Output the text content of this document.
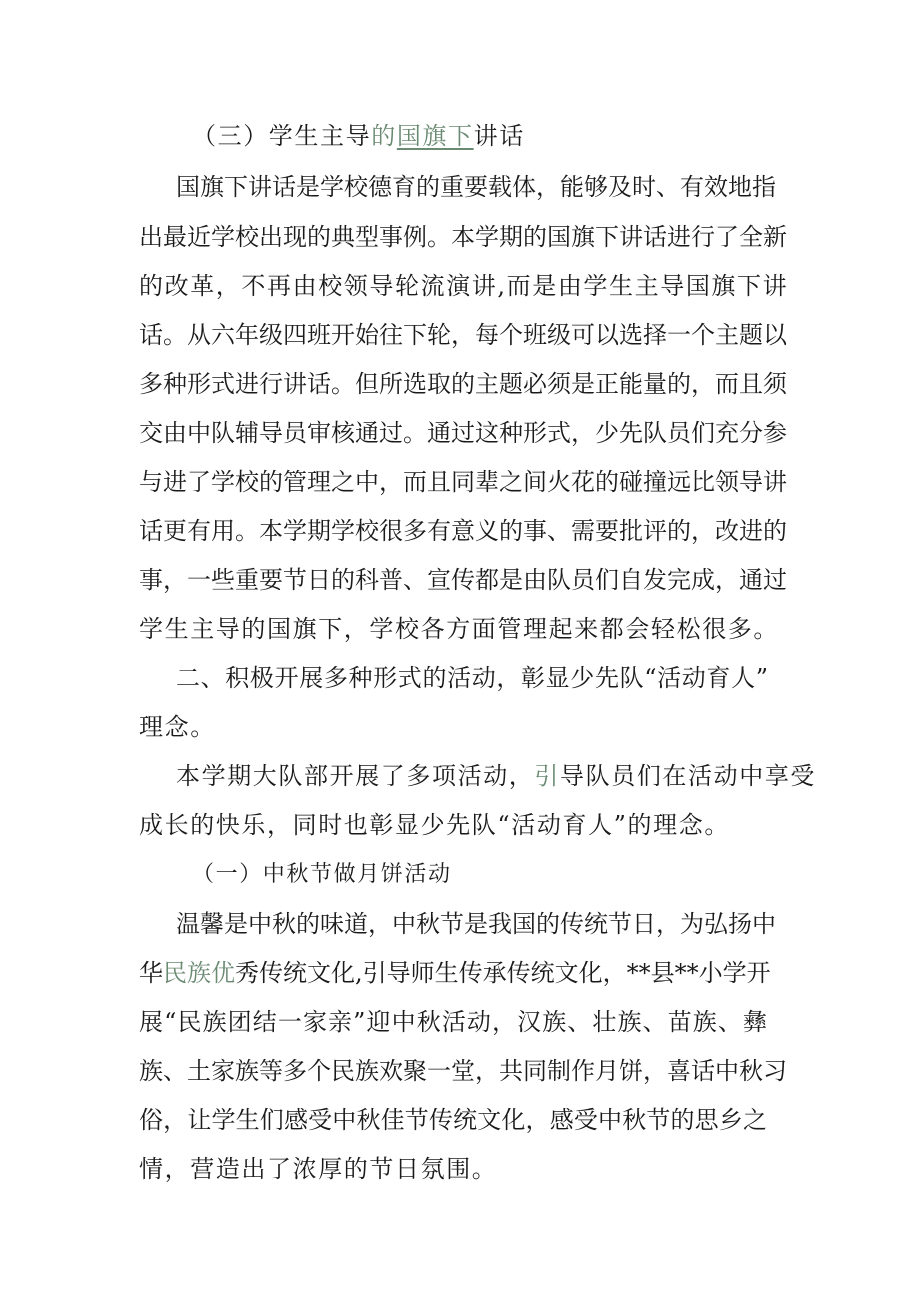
（三）学生主导的国旗下讲话
国旗下讲话是学校德育的重要载体，能够及时、有效地指
出最近学校出现的典型事例。本学期的国旗下讲话进行了全新
的改革，不再由校领导轮流演讲,而是由学生主导国旗下讲
话。从六年级四班开始往下轮，每个班级可以选择一个主题以
多种形式进行讲话。但所选取的主题必须是正能量的，而且须
交由中队辅导员审核通过。通过这种形式，少先队员们充分参
与进了学校的管理之中，而且同辈之间火花的碰撞远比领导讲
话更有用。本学期学校很多有意义的事、需要批评的，改进的
事，一些重要节日的科普、宣传都是由队员们自发完成，通过
学生主导的国旗下，学校各方面管理起来都会轻松很多。
二、积极开展多种形式的活动，彰显少先队“活动育人”
理念。
本学期大队部开展了多项活动，引导队员们在活动中享受
成长的快乐，同时也彰显少先队“活动育人”的理念。
（一）中秋节做月饼活动
温馨是中秋的味道，中秋节是我国的传统节日，为弘扬中
华民族优秀传统文化,引导师生传承传统文化，**县**小学开
展“民族团结一家亲”迎中秋活动，汉族、壮族、苗族、彝
族、土家族等多个民族欢聚一堂，共同制作月饼，喜话中秋习
俗，让学生们感受中秋佳节传统文化，感受中秋节的思乡之
情，营造出了浓厚的节日氛围。
